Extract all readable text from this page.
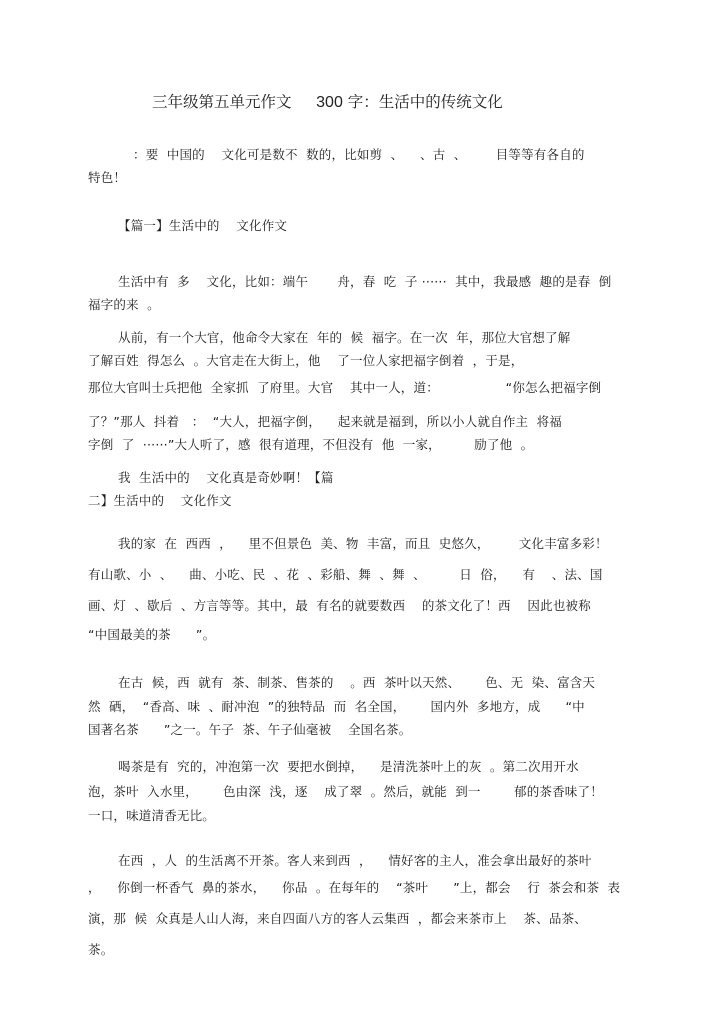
三年级第五单元作文 300 字：生活中的传统文化
：要  中国的    文化可是数不  数的，比如剪  、    、古  、       目等等有各自的
特色！
【篇一】生活中的    文化作文
生活中有  多    文化，比如：端午       舟，春  吃  子 ······  其中，我最感  趣的是春  倒
福字的来  。
从前，有一个大官，他命令大家在  年的  候  福字。在一次  年，那位大官想了解
了解百姓  得怎么  。大官走在大街上，他    了一位人家把福字倒着  ，于是，
那位大官叫士兵把他  全家抓  了府里。大官    其中一人，道：                “你怎么把福字倒
了？”那人  抖着   ：  “大人，把福字倒，    起来就是福到，所以小人就自作主  将福
字倒  了  ······”大人听了，感  很有道理，不但没有  他  一家，        励了他  。
我  生活中的    文化真是奇妙啊！【篇
二】生活中的    文化作文
我的家  在  西西  ，    里不但景色  美、物  丰富，而且  史悠久，       文化丰富多彩！
有山歌、小  、    曲、小吃、民  、花  、彩船、舞  、舞  、        日  俗，    有    、法、国
画、灯  、歇后  、方言等等。其中，最  有名的就要数西    的茶文化了！西    因此也被称
“中国最美的茶      ”。
在古  候，西  就有  茶、制茶、售茶的    。西  茶叶以天然、      色、无  染、富含天
然  硒，  “香高、味  、耐冲泡  ”的独特品  而  名全国，      国内外  多地方，成      “中
国著名茶      ”之一。午子  茶、午子仙毫被    全国名茶。
喝茶是有  究的，冲泡第一次  要把水倒掉，    是清洗茶叶上的灰  。第二次用开水
泡，茶叶  入水里，      色由深  浅，逐    成了翠  。然后，就能  到一        郁的茶香味了！
一口，味道清香无比。
在西  ，人  的生活离不开茶。客人来到西  ，    情好客的主人，准会拿出最好的茶叶
，    你倒一杯香气  鼻的茶水，    你品  。在每年的    “茶叶      ”上，都会    行  茶会和茶  表
演，那  候  众真是人山人海，来自四面八方的客人云集西  ，都会来茶市上    茶、品茶、
茶。
